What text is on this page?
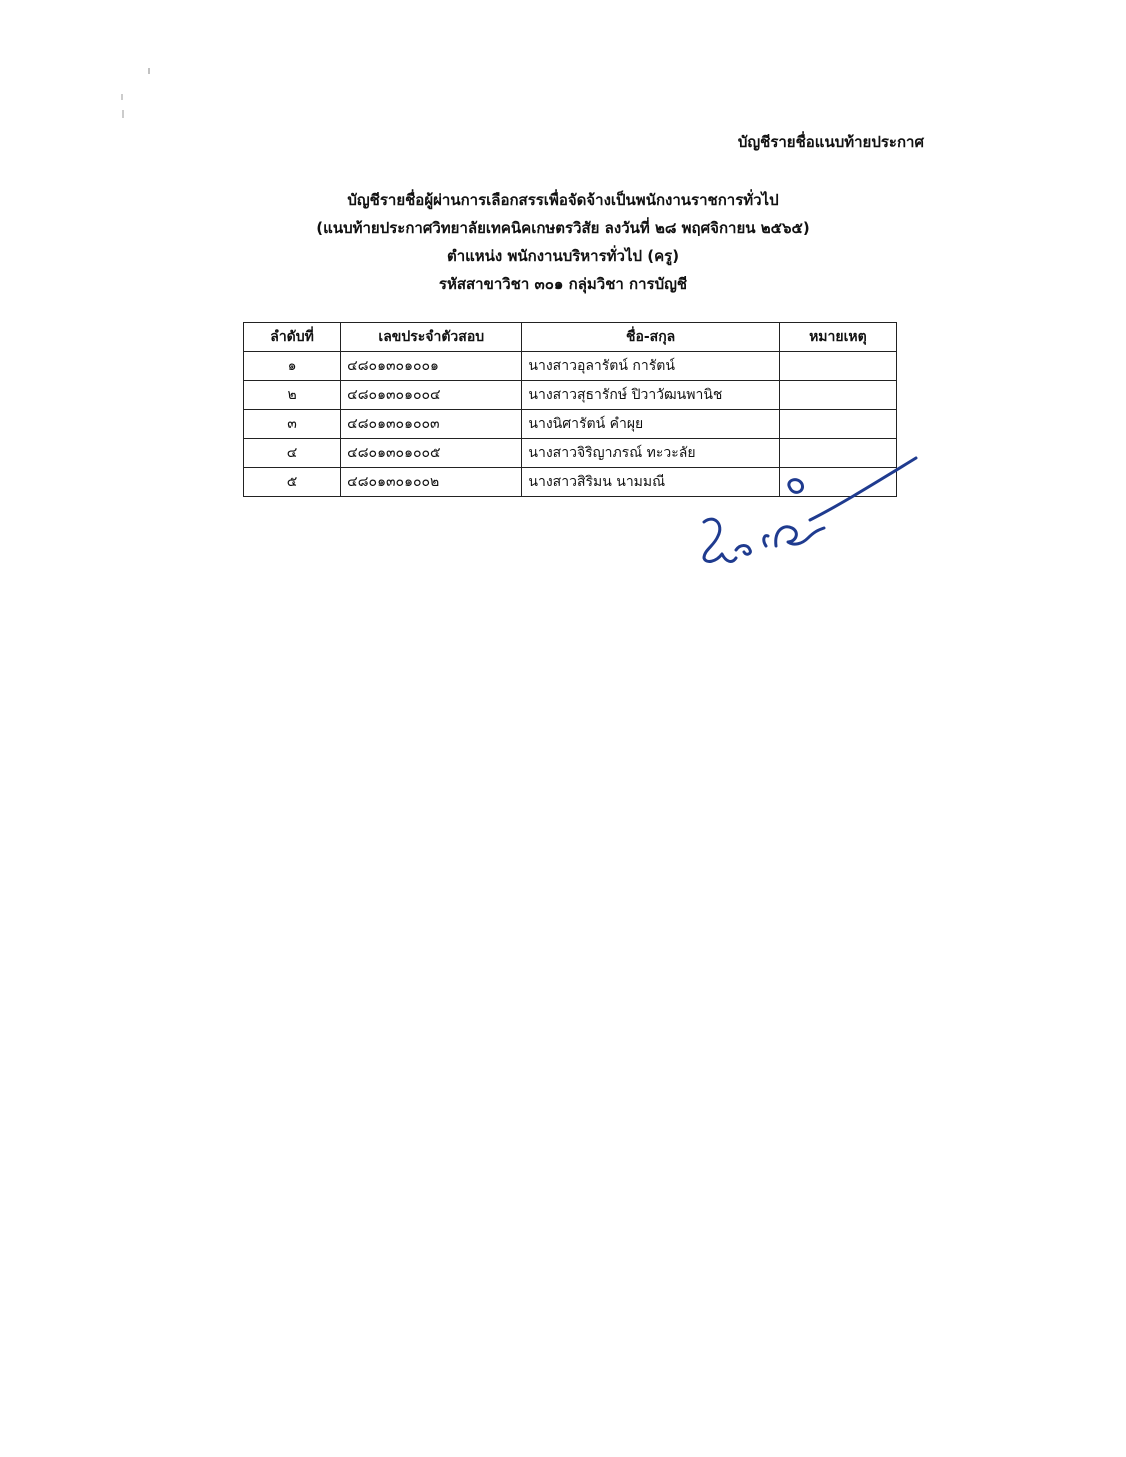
บัญชีรายชื่อแนบท้ายประกาศ
บัญชีรายชื่อผู้ผ่านการเลือกสรรเพื่อจัดจ้างเป็นพนักงานราชการทั่วไป
(แนบท้ายประกาศวิทยาลัยเทคนิคเกษตรวิสัย ลงวันที่ ๒๘ พฤศจิกายน ๒๕๖๕)
ตำแหน่ง พนักงานบริหารทั่วไป (ครู)
รหัสสาขาวิชา ๓๐๑ กลุ่มวิชา การบัญชี
ลำดับที่	เลขประจำตัวสอบ	ชื่อ-สกุล	หมายเหตุ
๑	๔๘๐๑๓๐๑๐๐๑	นางสาวอุลารัตน์ การัตน์	
๒	๔๘๐๑๓๐๑๐๐๔	นางสาวสุธารักษ์ ปิวาวัฒนพานิช	
๓	๔๘๐๑๓๐๑๐๐๓	นางนิศารัตน์ คำผุย	
๔	๔๘๐๑๓๐๑๐๐๕	นางสาวจิริญาภรณ์ ทะวะลัย	
๕	๔๘๐๑๓๐๑๐๐๒	นางสาวสิริมน นามมณี	
